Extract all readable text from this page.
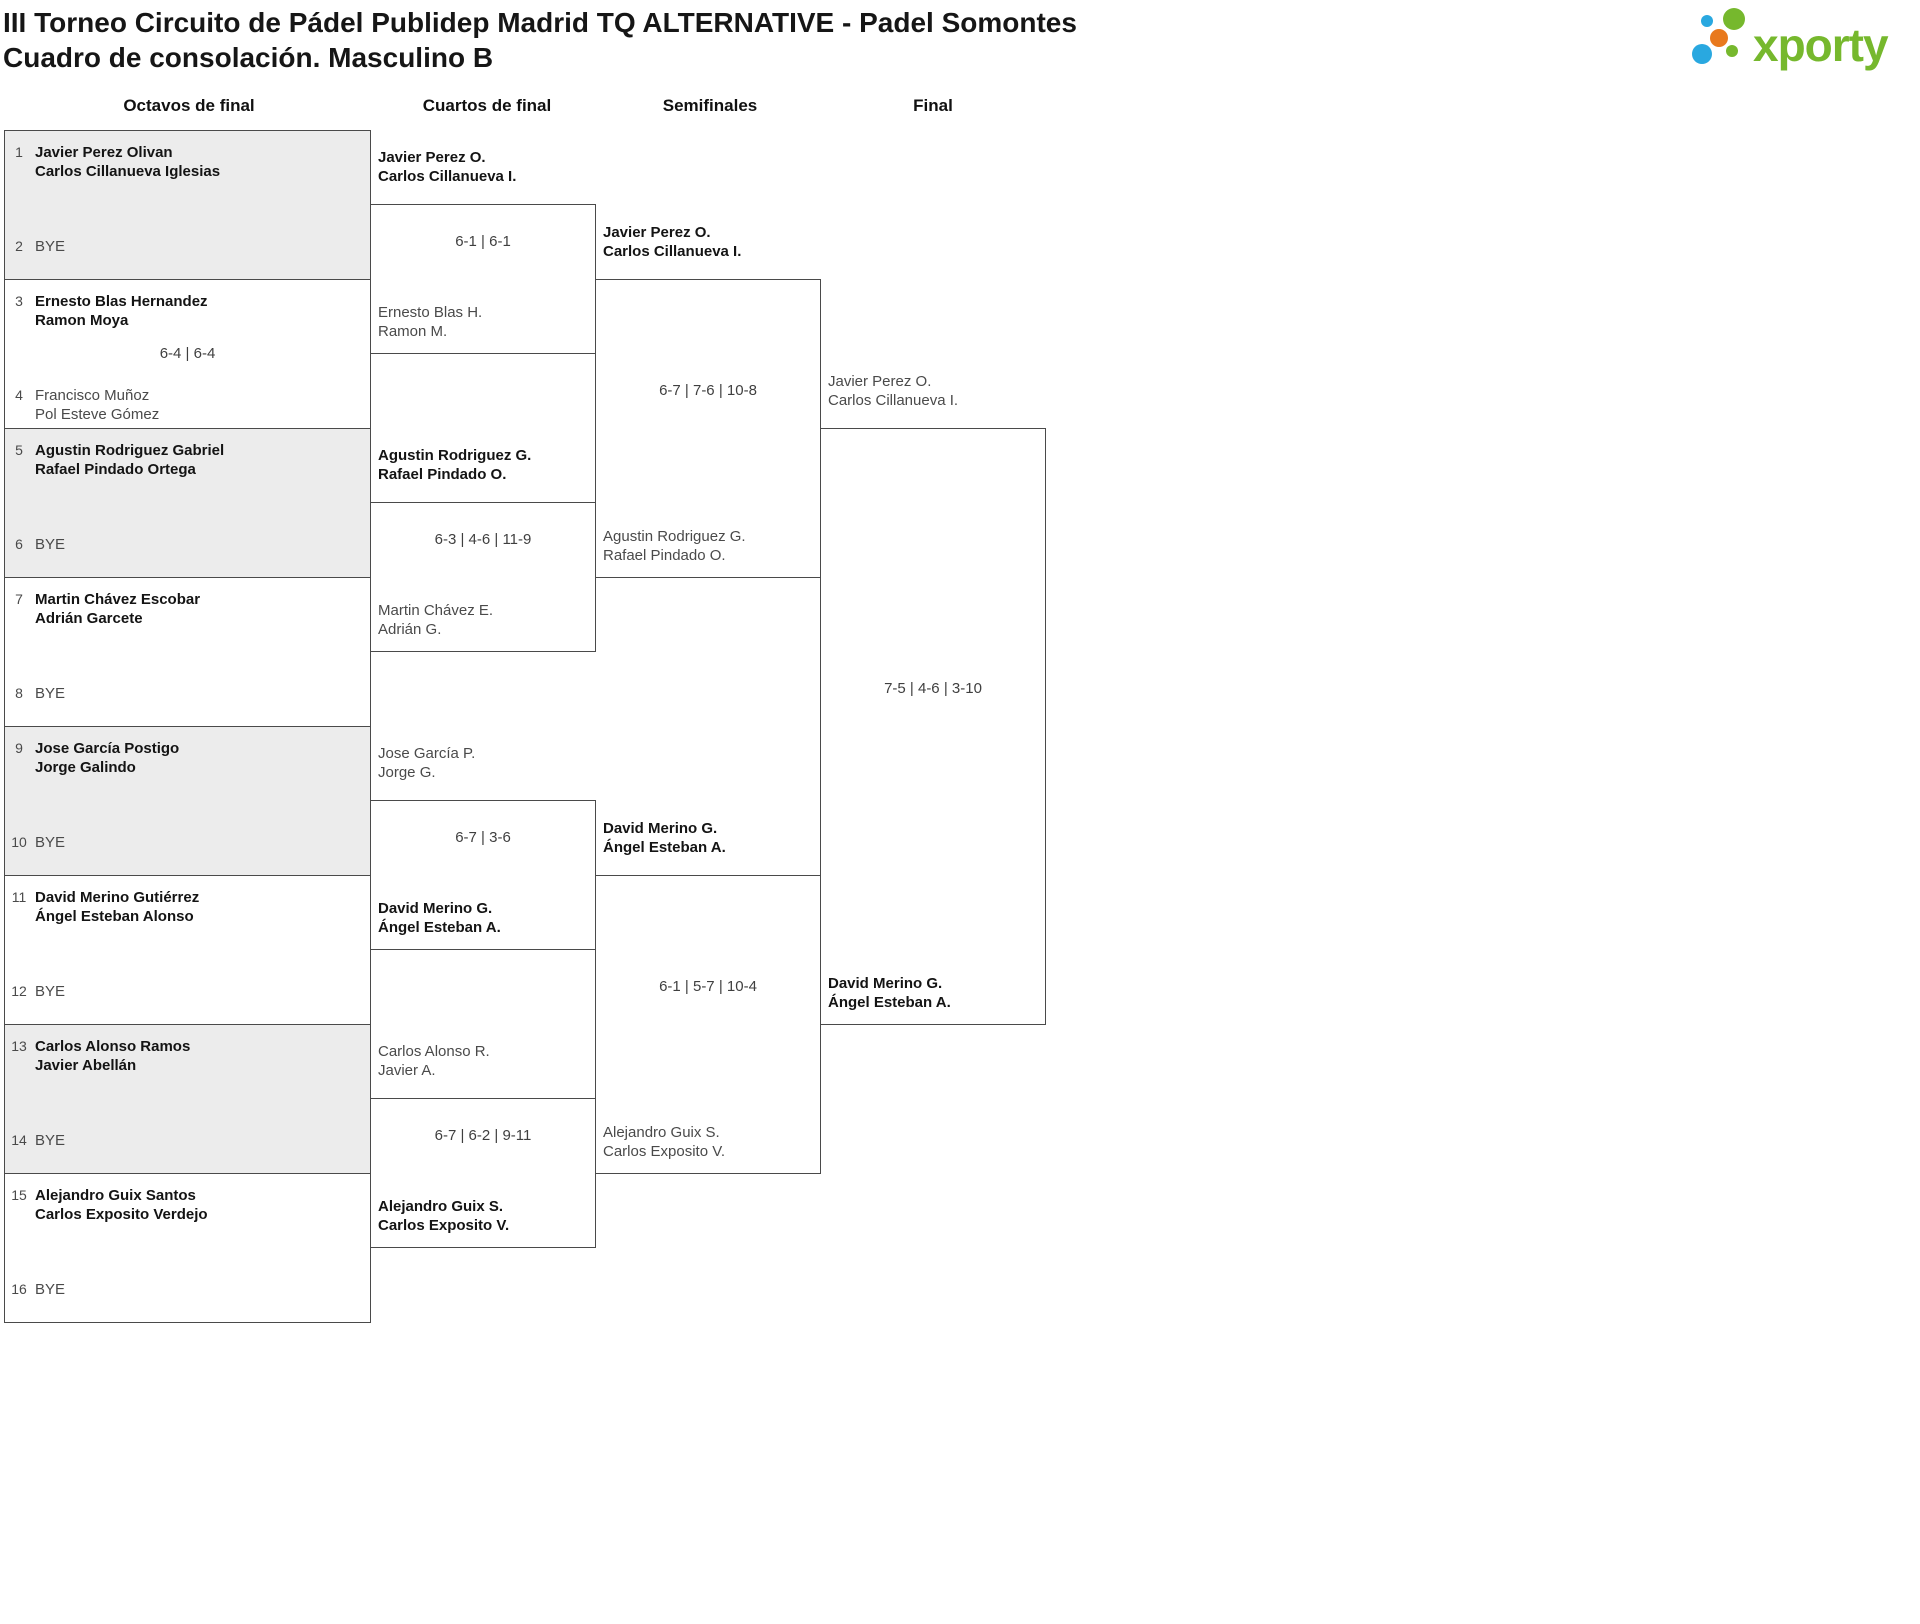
III Torneo Circuito de Pádel Publidep Madrid TQ ALTERNATIVE - Padel Somontes
Cuadro de consolación. Masculino B	xporty
Octavos de final	Cuartos de final	Semifinales	Final
1
2
3
4
6-4 | 6-4
5
6
7
8
9
10
11
12
13
14
15
16
Javier Perez O.
Carlos Cillanueva I.
6-1 | 6-1
Ernesto Blas H.
Ramon M.
Agustin Rodriguez G.
Rafael Pindado O.
6-3 | 4-6 | 11-9
Martin Chávez E.
Adrián G.
Jose García P.
Jorge G.
6-7 | 3-6
David Merino G.
Ángel Esteban A.
Carlos Alonso R.
Javier A.
6-7 | 6-2 | 9-11
Alejandro Guix S.
Carlos Exposito V.
Javier Perez O.
Carlos Cillanueva I.
6-7 | 7-6 | 10-8
Agustin Rodriguez G.
Rafael Pindado O.
David Merino G.
Ángel Esteban A.
6-1 | 5-7 | 10-4
Alejandro Guix S.
Carlos Exposito V.
Javier Perez O.
Carlos Cillanueva I.
7-5 | 4-6 | 3-10
David Merino G.
Ángel Esteban A.
